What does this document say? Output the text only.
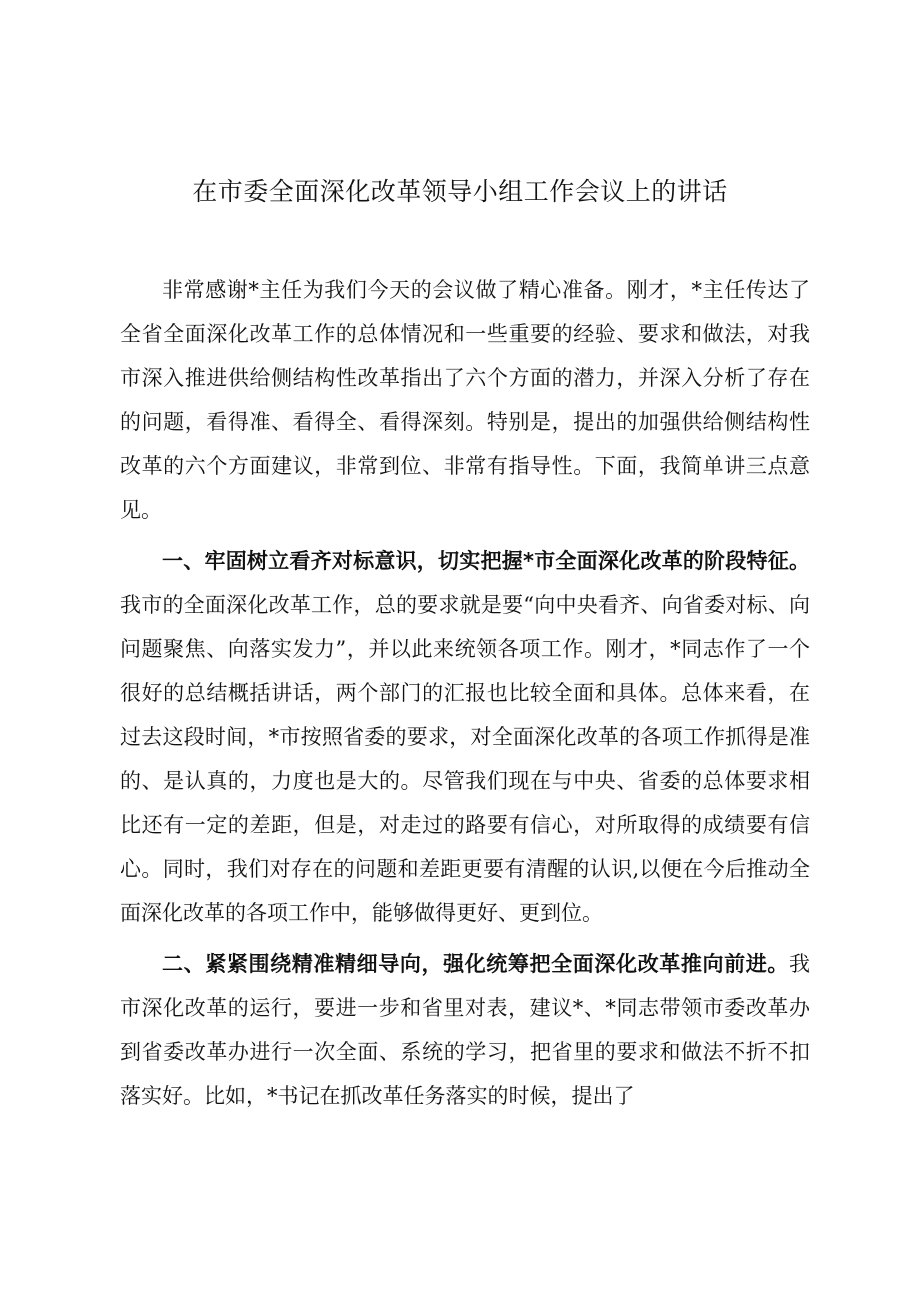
在市委全面深化改革领导小组工作会议上的讲话

非常感谢*主任为我们今天的会议做了精心准备。刚才，*主任传达了全省全面深化改革工作的总体情况和一些重要的经验、要求和做法，对我市深入推进供给侧结构性改革指出了六个方面的潜力，并深入分析了存在的问题，看得准、看得全、看得深刻。特别是，提出的加强供给侧结构性改革的六个方面建议，非常到位、非常有指导性。下面，我简单讲三点意见。

一、牢固树立看齐对标意识，切实把握*市全面深化改革的阶段特征。我市的全面深化改革工作，总的要求就是要“向中央看齐、向省委对标、向问题聚焦、向落实发力”，并以此来统领各项工作。刚才，*同志作了一个很好的总结概括讲话，两个部门的汇报也比较全面和具体。总体来看，在过去这段时间，*市按照省委的要求，对全面深化改革的各项工作抓得是准的、是认真的，力度也是大的。尽管我们现在与中央、省委的总体要求相比还有一定的差距，但是，对走过的路要有信心，对所取得的成绩要有信心。同时，我们对存在的问题和差距更要有清醒的认识,以便在今后推动全面深化改革的各项工作中，能够做得更好、更到位。

二、紧紧围绕精准精细导向，强化统筹把全面深化改革推向前进。我市深化改革的运行，要进一步和省里对表，建议*、*同志带领市委改革办到省委改革办进行一次全面、系统的学习，把省里的要求和做法不折不扣落实好。比如，*书记在抓改革任务落实的时候，提出了
